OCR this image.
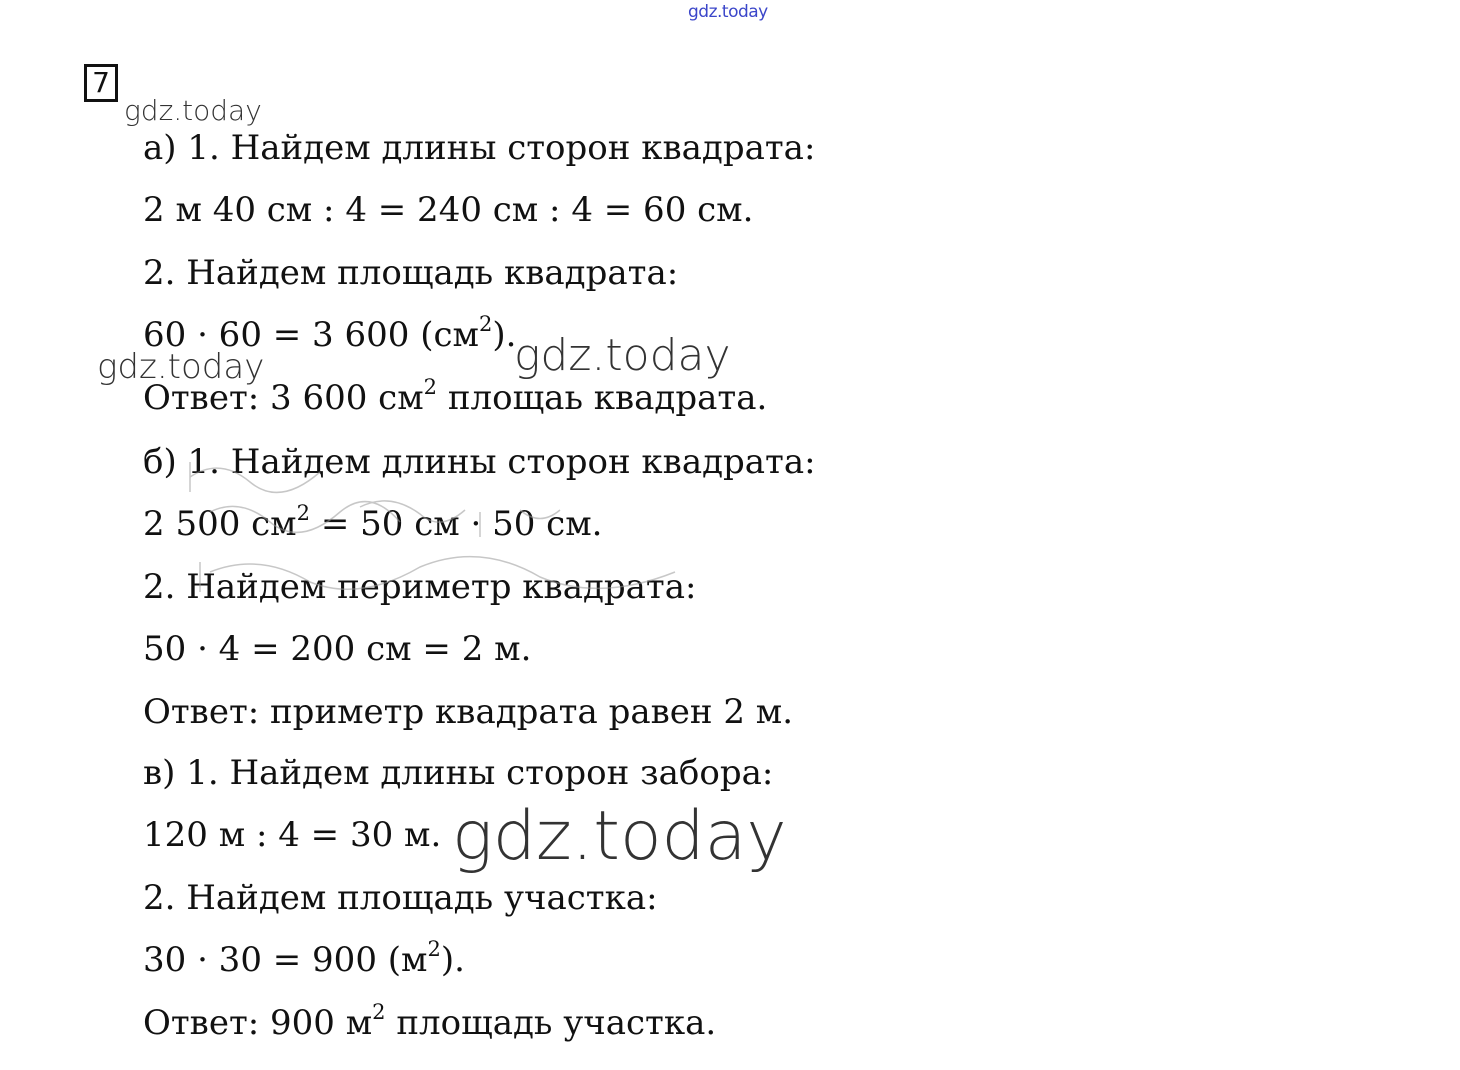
gdz.today
7
gdz.today
gdz.today	gdz.today
gdz.today
а) 1. Найдем длины сторон квадрата:
2 м 40 см : 4 = 240 см : 4 = 60 см.
2. Найдем площадь квадрата:
60 · 60 = 3 600 $(см^2)$.
Ответ: 3 600 $см^2$ площаь квадрата.
б) 1. Найдем длины сторон квадрата:
2 500 $см^2 = 50$ см · 50 см.
2. Найдем периметр квадрата:
50 · 4 = 200 см = 2 м.
Ответ: приметр квадрата равен 2 м.
в) 1. Найдем длины сторон забора:
120 м : 4 = 30 м.
2. Найдем площадь участка:
30 · 30 = 900 $(м^2)$.
Ответ: 900 $м^2$ площадь участка.
